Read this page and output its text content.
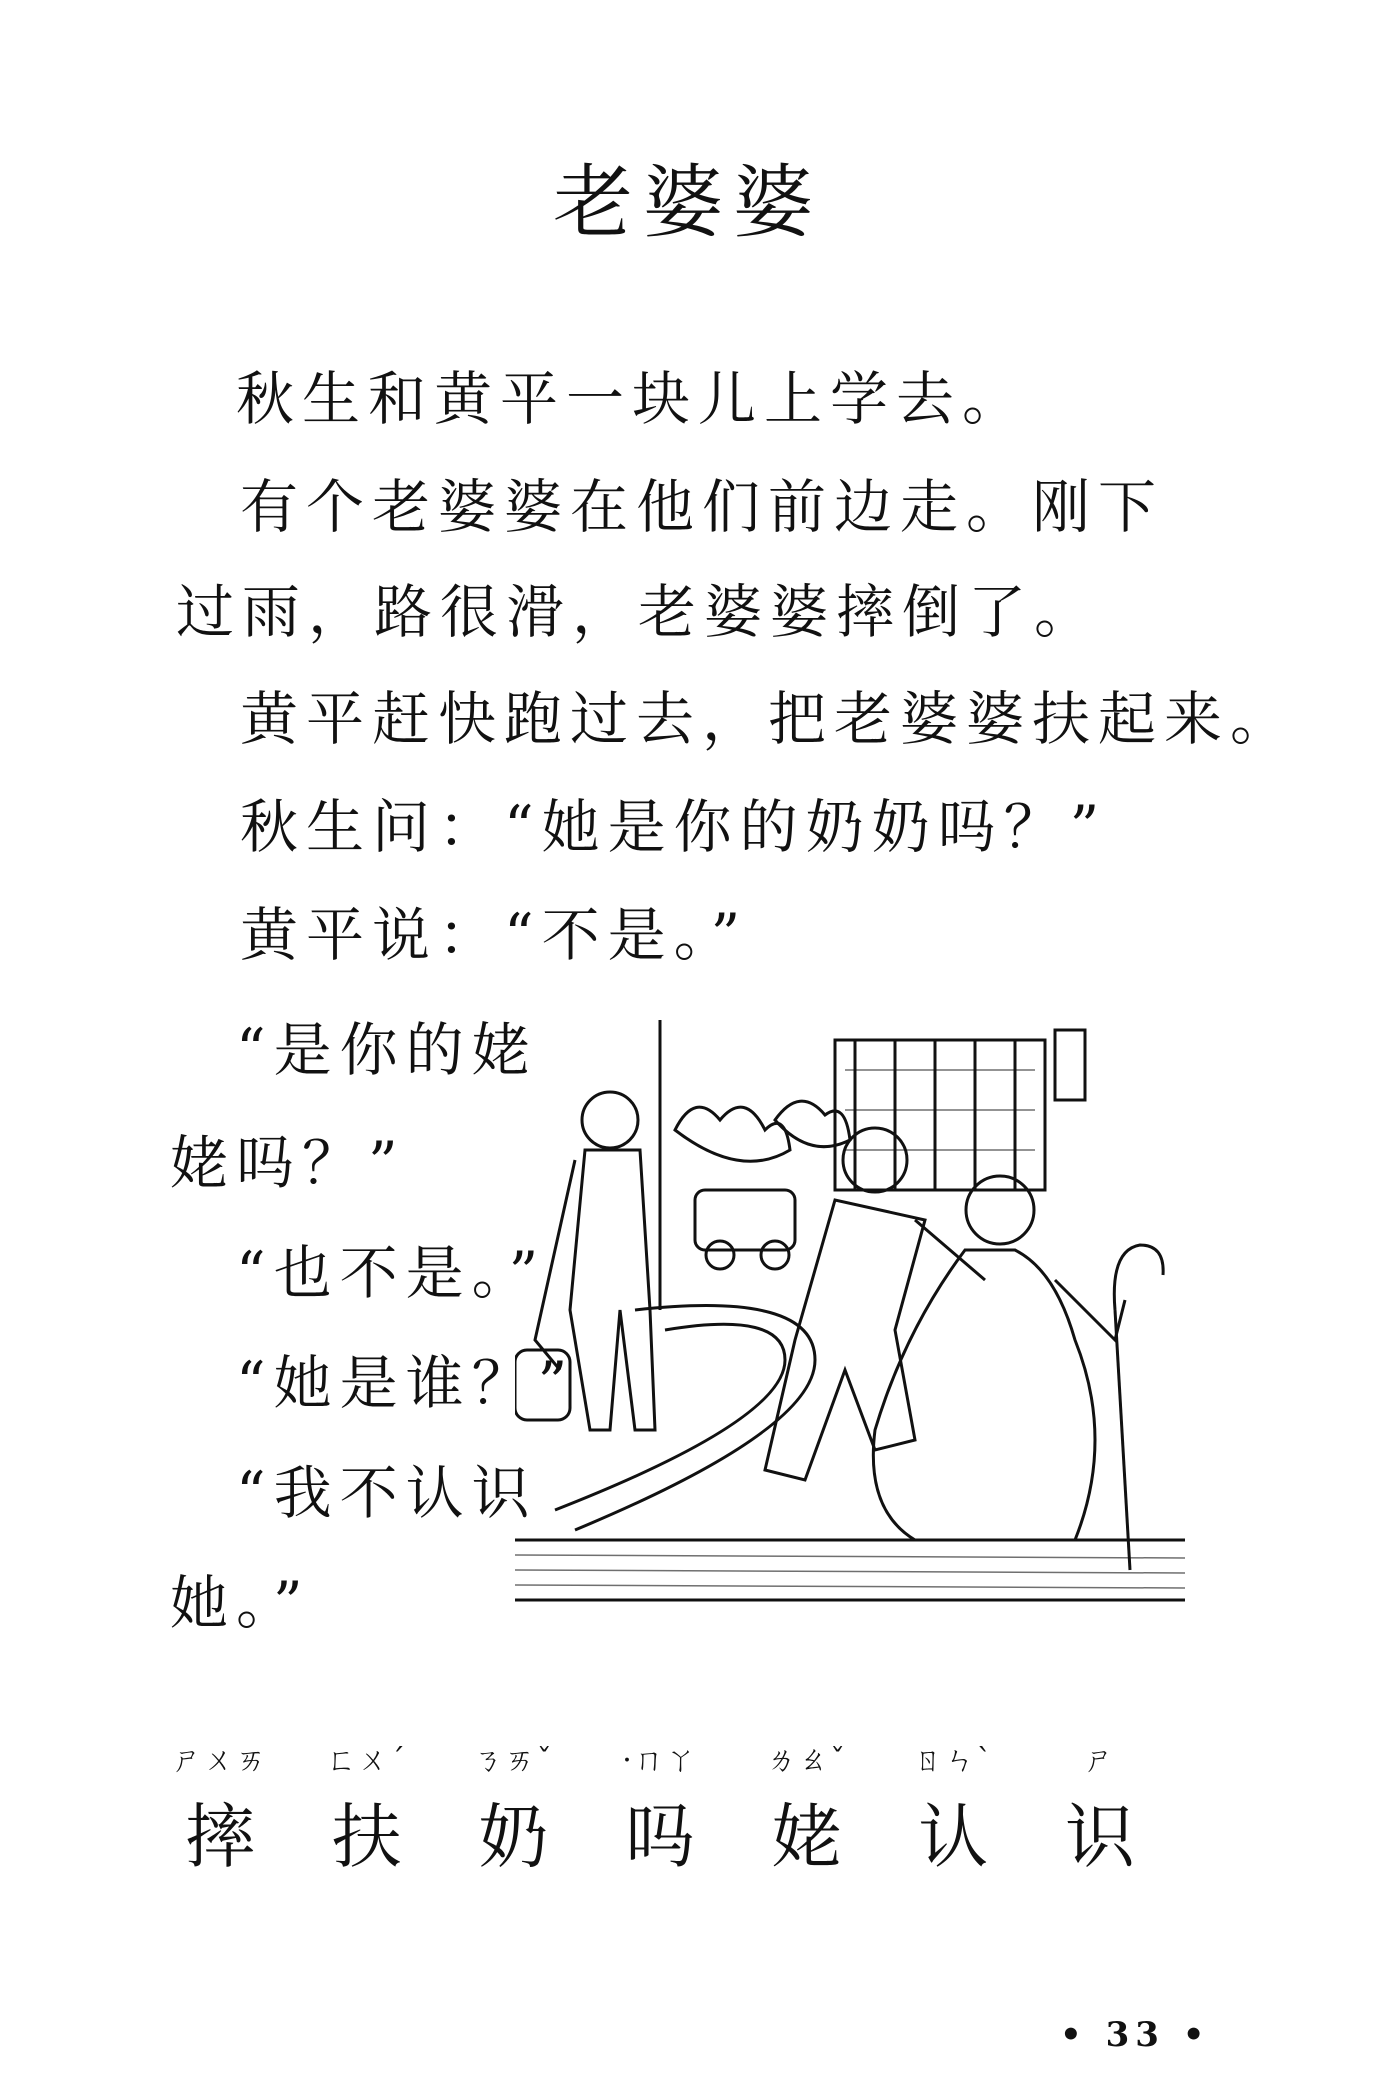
老婆婆
秋生和黄平一块儿上学去。
有个老婆婆在他们前边走。刚下
过雨，路很滑，老婆婆摔倒了。
黄平赶快跑过去，把老婆婆扶起来。
秋生问：“她是你的奶奶吗？”
黄平说：“不是。”
“是你的姥
姥吗？”
“也不是。”
“她是谁？”
“我不认识
她。”
ㄕㄨㄞ
摔
ㄈㄨˊ
扶
ㄋㄞˇ
奶
·ㄇㄚ
吗
ㄌㄠˇ
姥
ㄖㄣˋ
认
ㄕ
识
• 33 •
